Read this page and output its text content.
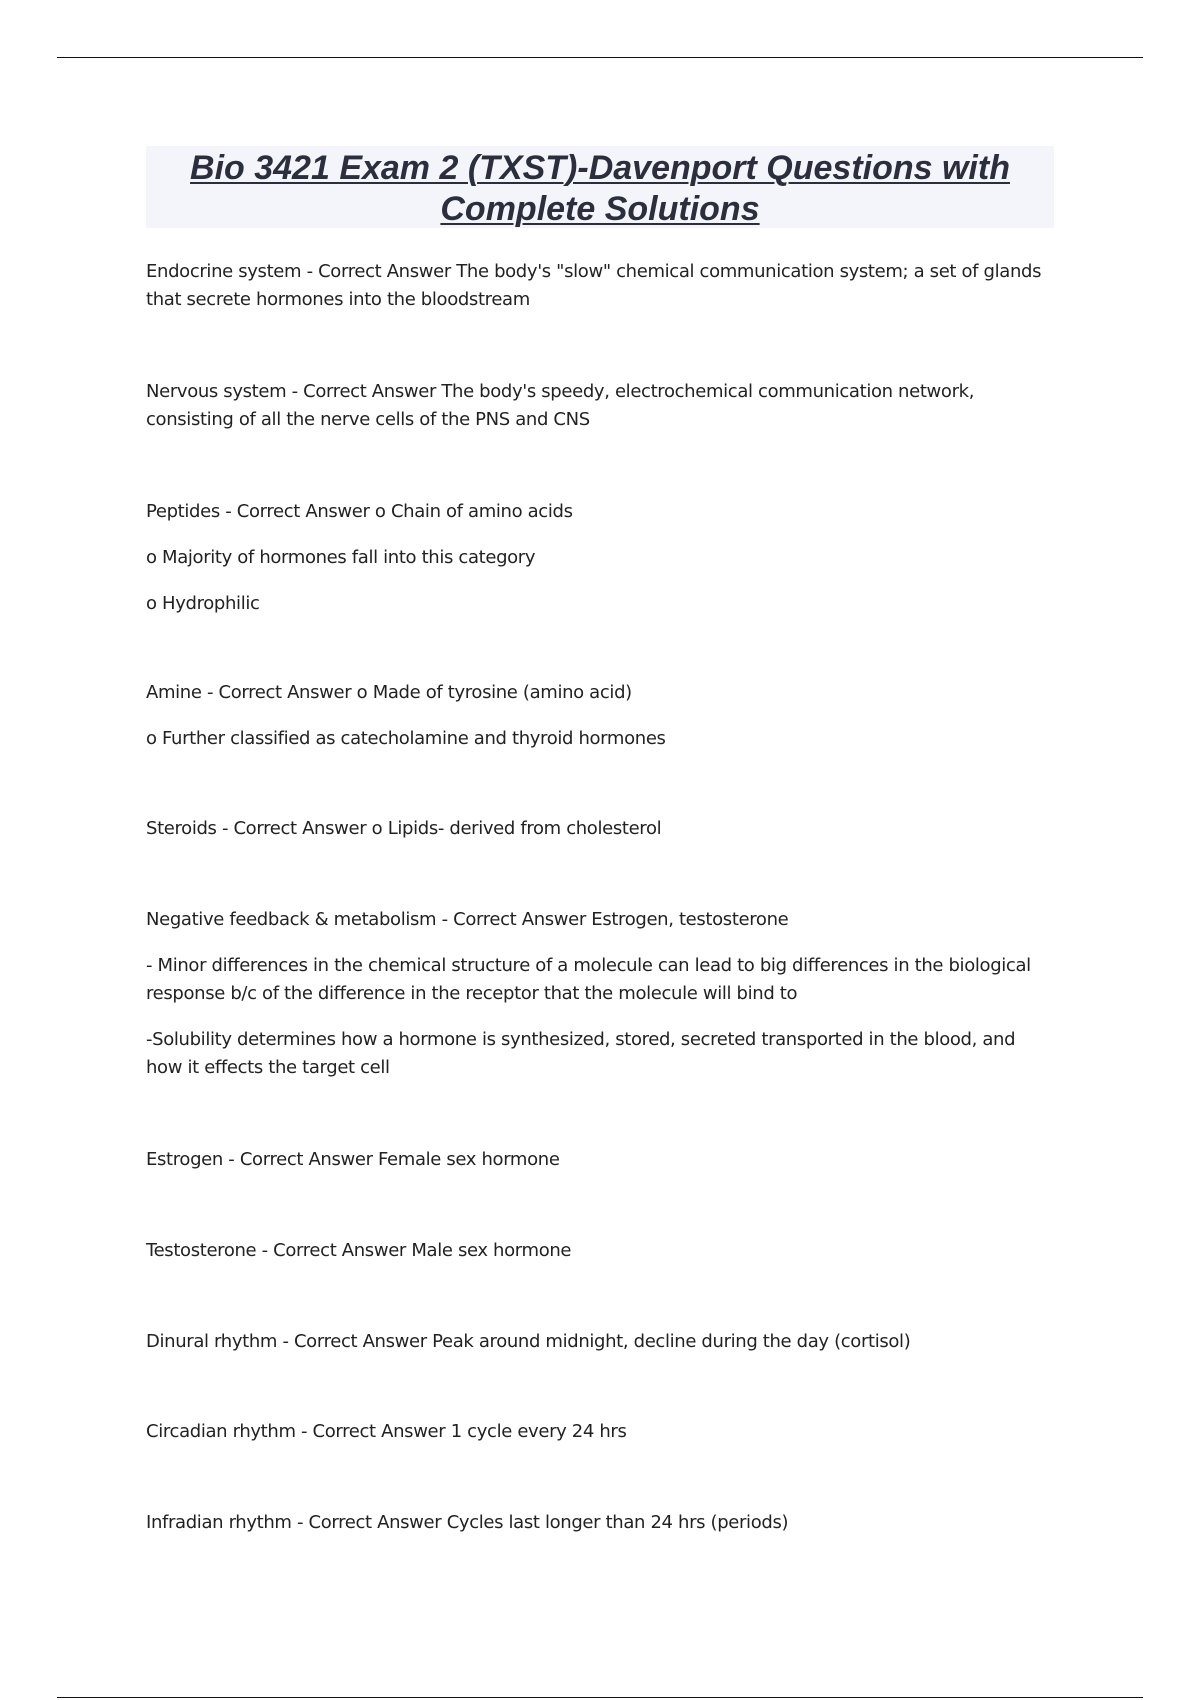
Bio 3421 Exam 2 (TXST)-Davenport Questions with Complete Solutions

Endocrine system - Correct Answer The body's "slow" chemical communication system; a set of glands that secrete hormones into the bloodstream

Nervous system - Correct Answer The body's speedy, electrochemical communication network, consisting of all the nerve cells of the PNS and CNS

Peptides - Correct Answer o Chain of amino acids

o Majority of hormones fall into this category

o Hydrophilic

Amine - Correct Answer o Made of tyrosine (amino acid)

o Further classified as catecholamine and thyroid hormones

Steroids - Correct Answer o Lipids- derived from cholesterol

Negative feedback & metabolism - Correct Answer Estrogen, testosterone

- Minor differences in the chemical structure of a molecule can lead to big differences in the biological response b/c of the difference in the receptor that the molecule will bind to

-Solubility determines how a hormone is synthesized, stored, secreted transported in the blood, and how it effects the target cell

Estrogen - Correct Answer Female sex hormone

Testosterone - Correct Answer Male sex hormone

Dinural rhythm - Correct Answer Peak around midnight, decline during the day (cortisol)

Circadian rhythm - Correct Answer 1 cycle every 24 hrs

Infradian rhythm - Correct Answer Cycles last longer than 24 hrs (periods)
